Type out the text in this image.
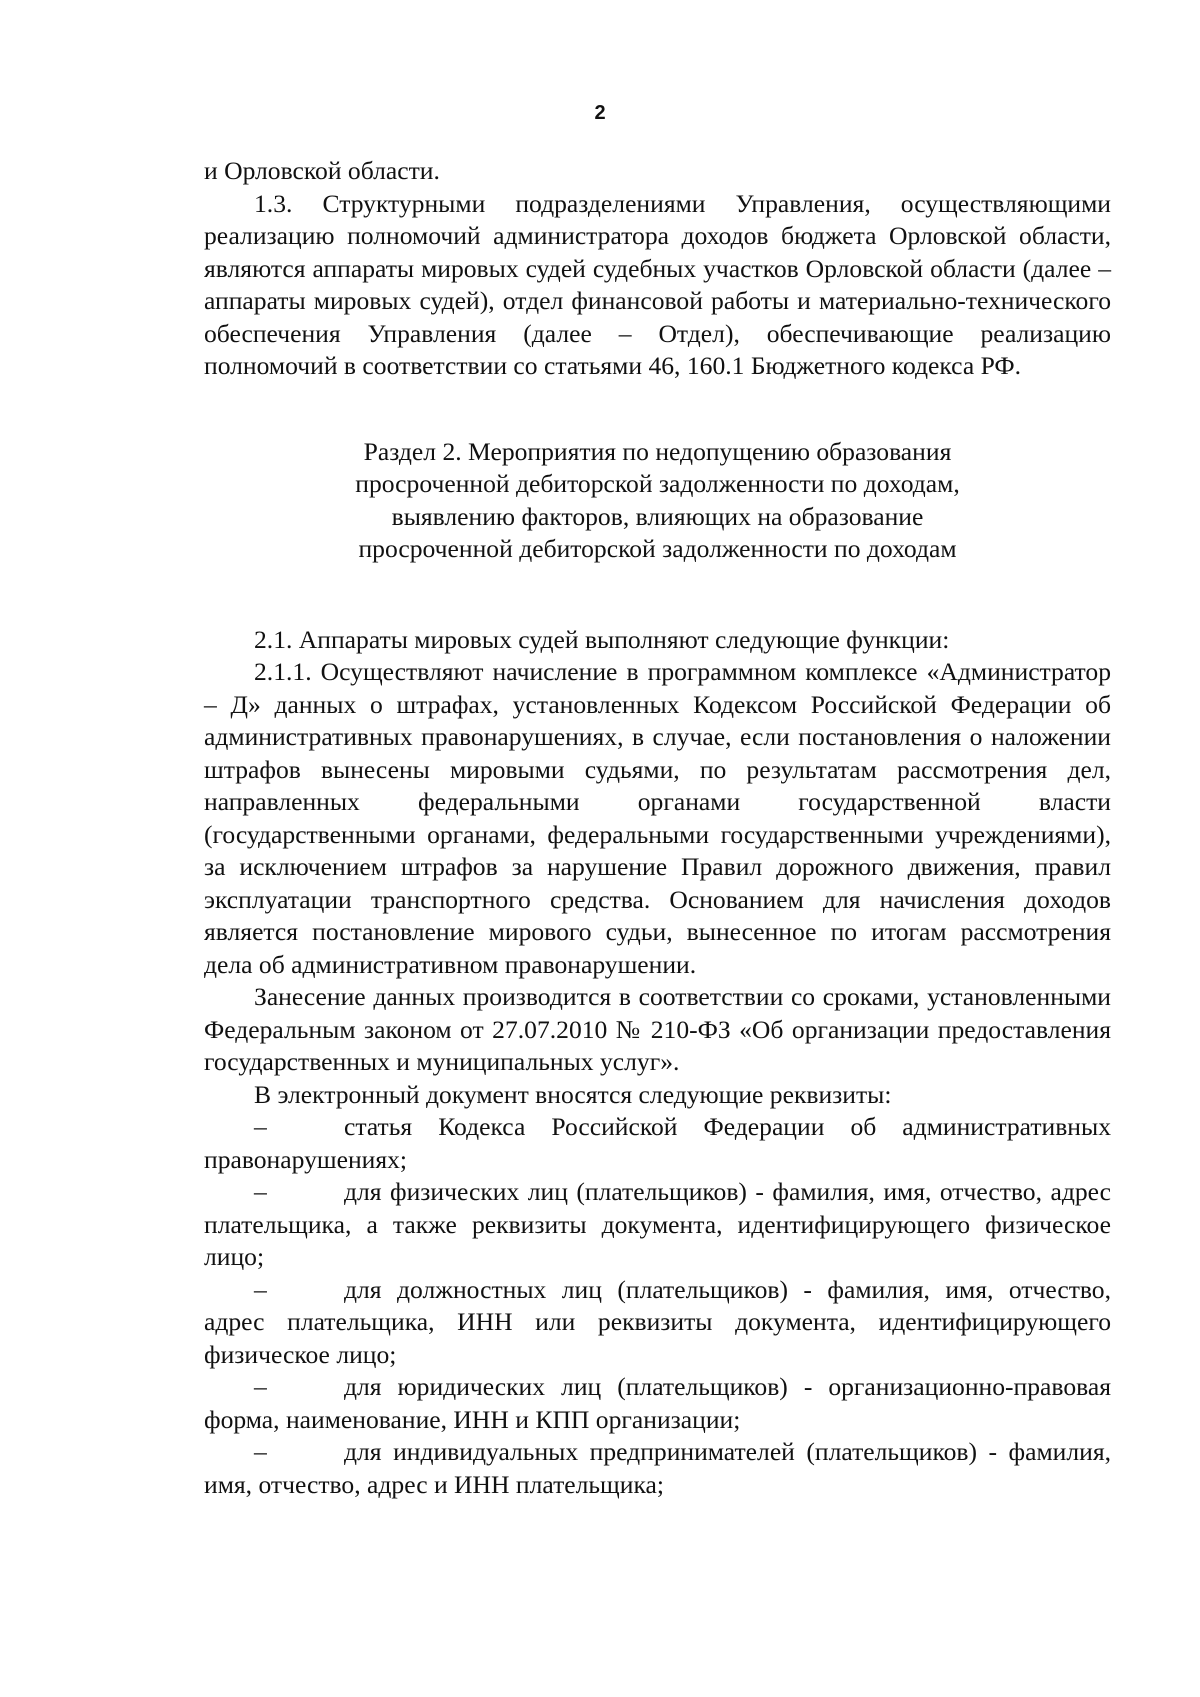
2

и Орловской области.

1.3. Структурными подразделениями Управления, осуществляющими реализацию полномочий администратора доходов бюджета Орловской области, являются аппараты мировых судей судебных участков Орловской области (далее – аппараты мировых судей), отдел финансовой работы и материально-технического обеспечения Управления (далее – Отдел), обеспечивающие реализацию полномочий в соответствии со статьями 46, 160.1 Бюджетного кодекса РФ.

Раздел 2. Мероприятия по недопущению образования
просроченной дебиторской задолженности по доходам,
выявлению факторов, влияющих на образование
просроченной дебиторской задолженности по доходам

2.1. Аппараты мировых судей выполняют следующие функции:

2.1.1. Осуществляют начисление в программном комплексе «Администратор – Д» данных о штрафах, установленных Кодексом Российской Федерации об административных правонарушениях, в случае, если постановления о наложении штрафов вынесены мировыми судьями, по результатам рассмотрения дел, направленных федеральными органами государственной власти (государственными органами, федеральными государственными учреждениями), за исключением штрафов за нарушение Правил дорожного движения, правил эксплуатации транспортного средства. Основанием для начисления доходов является постановление мирового судьи, вынесенное по итогам рассмотрения дела об административном правонарушении.

Занесение данных производится в соответствии со сроками, установленными Федеральным законом от 27.07.2010 № 210-ФЗ «Об организации предоставления государственных и муниципальных услуг».

В электронный документ вносятся следующие реквизиты:

–	статья Кодекса Российской Федерации об административных правонарушениях;

–	для физических лиц (плательщиков) - фамилия, имя, отчество, адрес плательщика, а также реквизиты документа, идентифицирующего физическое лицо;

–	для должностных лиц (плательщиков) - фамилия, имя, отчество, адрес плательщика, ИНН или реквизиты документа, идентифицирующего физическое лицо;

–	для юридических лиц (плательщиков) - организационно-правовая форма, наименование, ИНН и КПП организации;

–	для индивидуальных предпринимателей (плательщиков) - фамилия, имя, отчество, адрес и ИНН плательщика;
